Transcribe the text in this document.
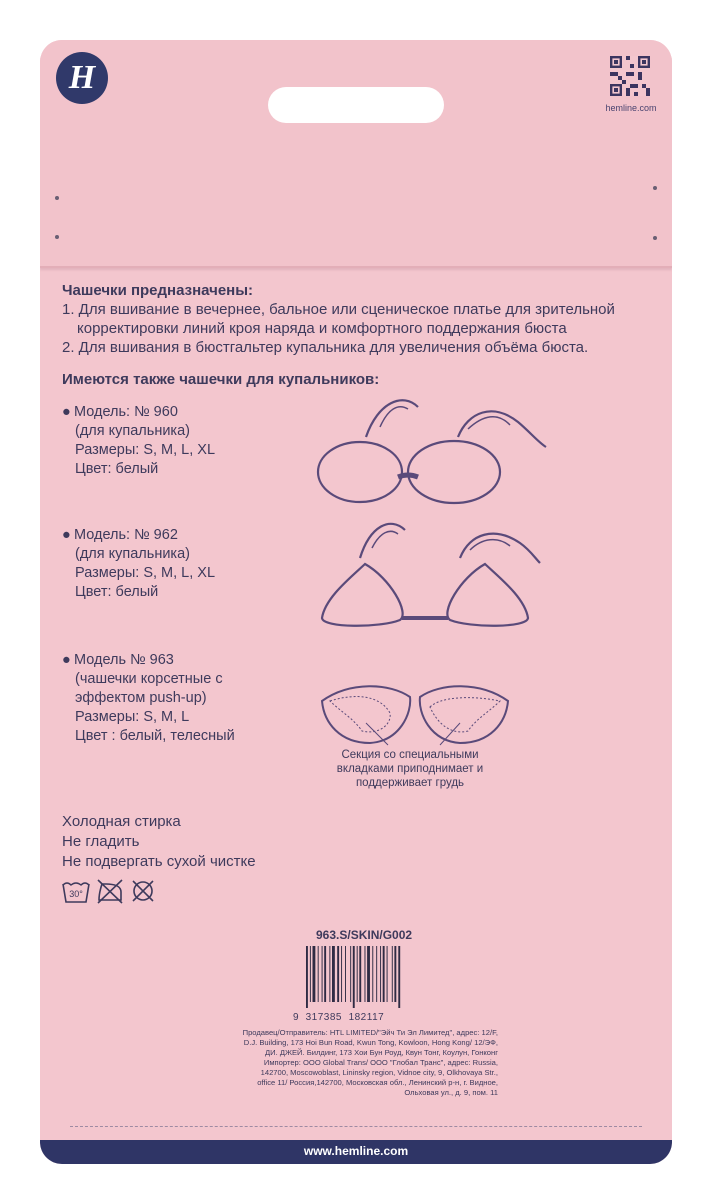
H
hemline.com
Чашечки предназначены:
1. Для вшивание в вечернее, бальное или сценическое платье для зрительной
корректировки линий кроя наряда и комфортного поддержания бюста
2. Для вшивания в бюстгальтер купальника для увеличения объёма бюста.
Имеются также чашечки для купальников:
● Модель: № 960
(для купальника)
Размеры: S, M, L, XL
Цвет: белый
● Модель: № 962
(для купальника)
Размеры: S, M, L, XL
Цвет: белый
● Модель № 963
(чашечки корсетные с
эффектом push-up)
Размеры: S, M, L
Цвет : белый, телесный
Секция со специальными
вкладками приподнимает и
поддерживает грудь
Холодная стирка
Не гладить
Не подвергать сухой чистке
30°
963.S/SKIN/G002
9 317385 182117
Продавец/Отправитель: HTL LIMITED/"Эйч Ти Эл Лимитед", адрес: 12/F,
D.J. Building, 173 Hoi Bun Road, Kwun Tong, Kowloon, Hong Kong/ 12/ЭФ,
ДИ. ДЖЕЙ. Билдинг, 173 Хои Бун Роуд, Квун Тонг, Коулун, Гонконг
Импортер: ООО Global Trans/ ООО "Глобал Транс", адрес: Russia,
142700, Moscowoblast, Lininsky region, Vidnoe city, 9, Olkhovaya Str.,
office 11/ Россия,142700, Московская обл., Ленинский р-н, г. Видное,
Ольховая ул., д. 9, пом. 11
www.hemline.com
